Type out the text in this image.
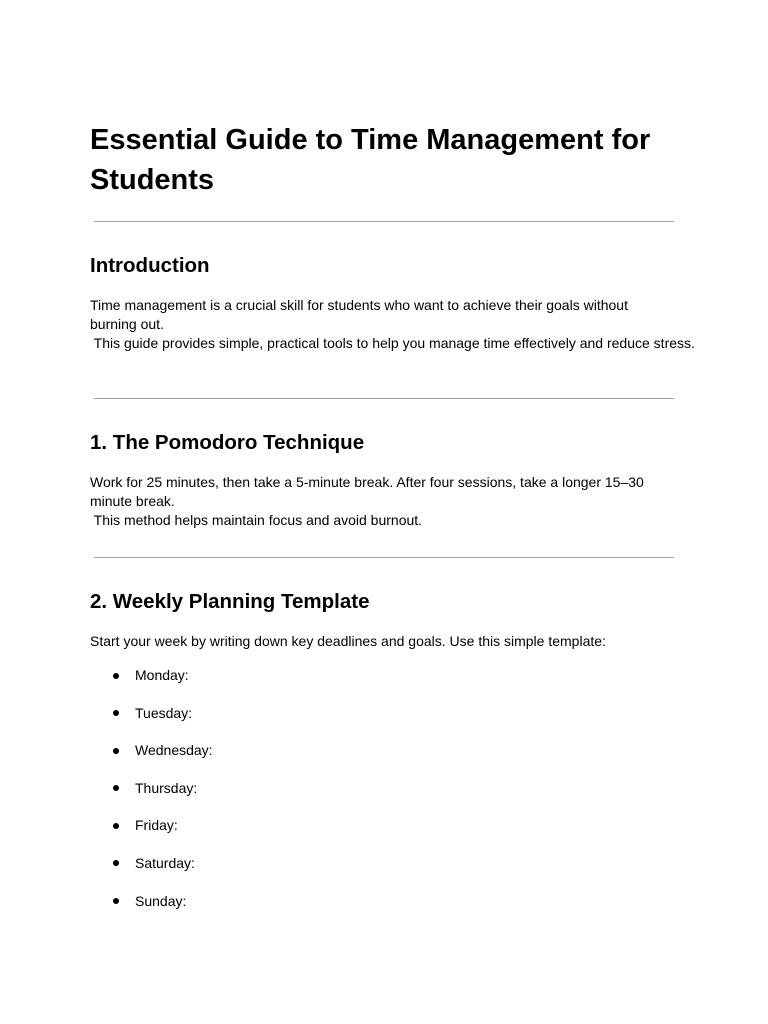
Essential Guide to Time Management for Students
Introduction

Time management is a crucial skill for students who want to achieve their goals without burning out.
This guide provides simple, practical tools to help you manage time effectively and reduce stress.

1. The Pomodoro Technique

Work for 25 minutes, then take a 5-minute break. After four sessions, take a longer 15–30 minute break.
This method helps maintain focus and avoid burnout.

2. Weekly Planning Template

Start your week by writing down key deadlines and goals. Use this simple template:

Monday:
Tuesday:
Wednesday:
Thursday:
Friday:
Saturday:
Sunday:
